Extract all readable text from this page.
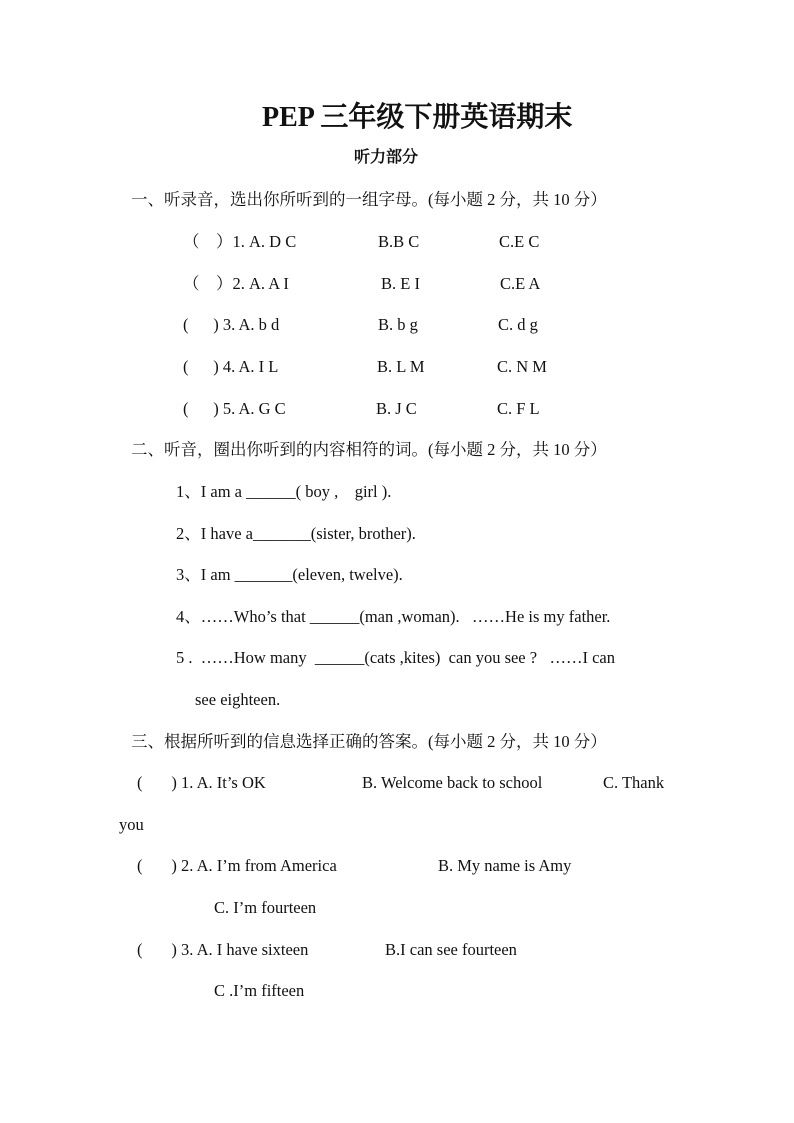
PEP 三年级下册英语期末
听力部分
一、听录音，选出你所听到的一组字母。(每小题 2 分，共 10 分）
（    ）1. A. D C	B.B C	C.E C
（    ）2. A. A I	B. E I	C.E A
(      ) 3. A. b d	B. b g	C. d g
(      ) 4. A. I L	B. L M	C. N M
(      ) 5. A. G C	B. J C	C. F L
二、听音，圈出你听到的内容相符的词。(每小题 2 分，共 10 分）
1、I am a ______( boy ,    girl ).
2、I have a_______(sister, brother).
3、I am _______(eleven, twelve).
4、……Who’s that ______(man ,woman).   ……He is my father.
5 .  ……How many  ______(cats ,kites)  can you see ?   ……I can
see eighteen.
三、根据所听到的信息选择正确的答案。(每小题 2 分，共 10 分）
(       ) 1. A. It’s OK	B. Welcome back to school	C. Thank
you
(       ) 2. A. I’m from America	B. My name is Amy
C. I’m fourteen
(       ) 3. A. I have sixteen	B.I can see fourteen
C .I’m fifteen
